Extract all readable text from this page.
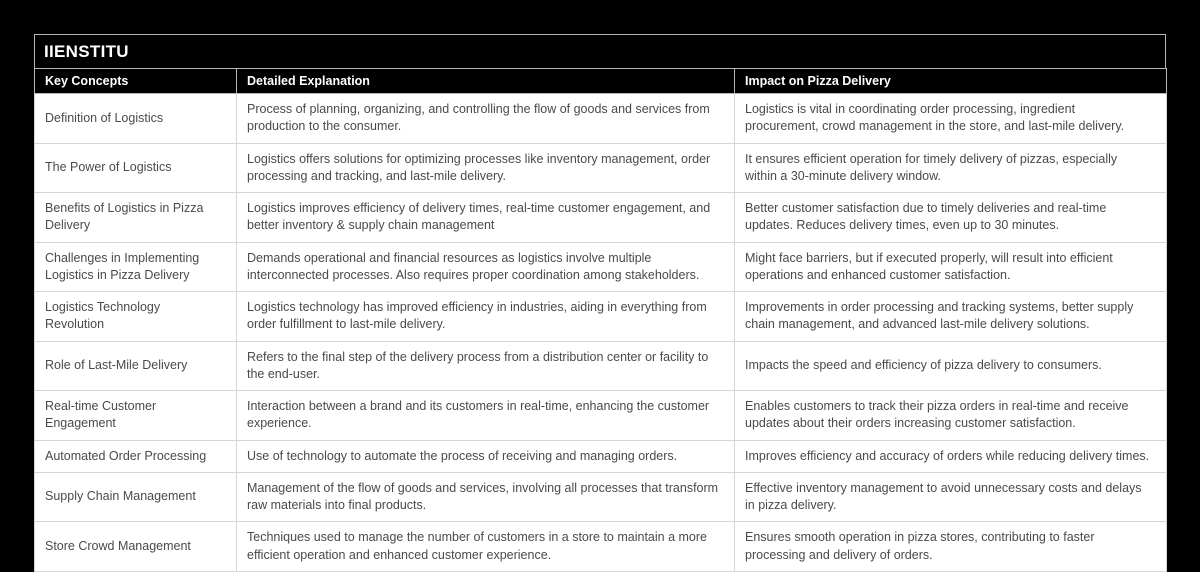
IIENSTITU
Key Concepts	Detailed Explanation	Impact on Pizza Delivery
Definition of Logistics	Process of planning, organizing, and controlling the flow of goods and services from production to the consumer.	Logistics is vital in coordinating order processing, ingredient procurement, crowd management in the store, and last-mile delivery.
The Power of Logistics	Logistics offers solutions for optimizing processes like inventory management, order processing and tracking, and last-mile delivery.	It ensures efficient operation for timely delivery of pizzas, especially within a 30-minute delivery window.
Benefits of Logistics in Pizza Delivery	Logistics improves efficiency of delivery times, real-time customer engagement, and better inventory & supply chain management	Better customer satisfaction due to timely deliveries and real-time updates. Reduces delivery times, even up to 30 minutes.
Challenges in Implementing Logistics in Pizza Delivery	Demands operational and financial resources as logistics involve multiple interconnected processes. Also requires proper coordination among stakeholders.	Might face barriers, but if executed properly, will result into efficient operations and enhanced customer satisfaction.
Logistics Technology Revolution	Logistics technology has improved efficiency in industries, aiding in everything from order fulfillment to last-mile delivery.	Improvements in order processing and tracking systems, better supply chain management, and advanced last-mile delivery solutions.
Role of Last-Mile Delivery	Refers to the final step of the delivery process from a distribution center or facility to the end-user.	Impacts the speed and efficiency of pizza delivery to consumers.
Real-time Customer Engagement	Interaction between a brand and its customers in real-time, enhancing the customer experience.	Enables customers to track their pizza orders in real-time and receive updates about their orders increasing customer satisfaction.
Automated Order Processing	Use of technology to automate the process of receiving and managing orders.	Improves efficiency and accuracy of orders while reducing delivery times.
Supply Chain Management	Management of the flow of goods and services, involving all processes that transform raw materials into final products.	Effective inventory management to avoid unnecessary costs and delays in pizza delivery.
Store Crowd Management	Techniques used to manage the number of customers in a store to maintain a more efficient operation and enhanced customer experience.	Ensures smooth operation in pizza stores, contributing to faster processing and delivery of orders.
